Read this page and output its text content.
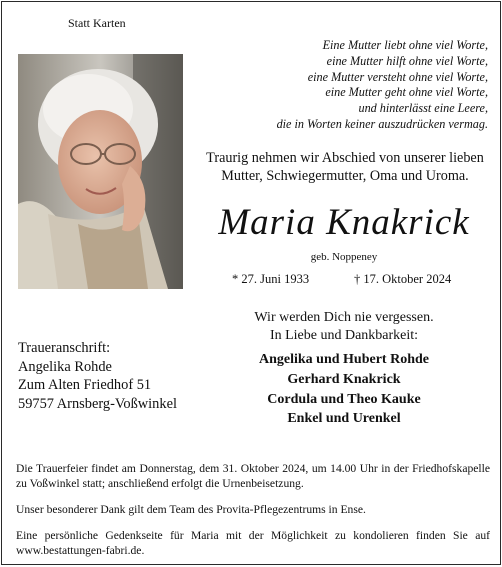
Statt Karten
Eine Mutter liebt ohne viel Worte,
eine Mutter hilft ohne viel Worte,
eine Mutter versteht ohne viel Worte,
eine Mutter geht ohne viel Worte,
und hinterlässt eine Leere,
die in Worten keiner auszudrücken vermag.
Traurig nehmen wir Abschied von unserer lieben
Mutter, Schwiegermutter, Oma und Uroma.
Maria Knakrick
geb. Noppeney
* 27. Juni 1933	† 17. Oktober 2024
Wir werden Dich nie vergessen.
In Liebe und Dankbarkeit:
Angelika und Hubert Rohde
Gerhard Knakrick
Cordula und Theo Kauke
Enkel und Urenkel
Traueranschrift:
Angelika Rohde
Zum Alten Friedhof 51
59757 Arnsberg-Voßwinkel
Die Trauerfeier findet am Donnerstag, dem 31. Oktober 2024, um 14.00 Uhr in der Friedhofskapelle zu Voßwinkel statt; anschließend erfolgt die Urnenbeisetzung.
Unser besonderer Dank gilt dem Team des Provita-Pflegezentrums in Ense.
Eine persönliche Gedenkseite für Maria mit der Möglichkeit zu kondolieren finden Sie auf www.bestattungen-fabri.de.
